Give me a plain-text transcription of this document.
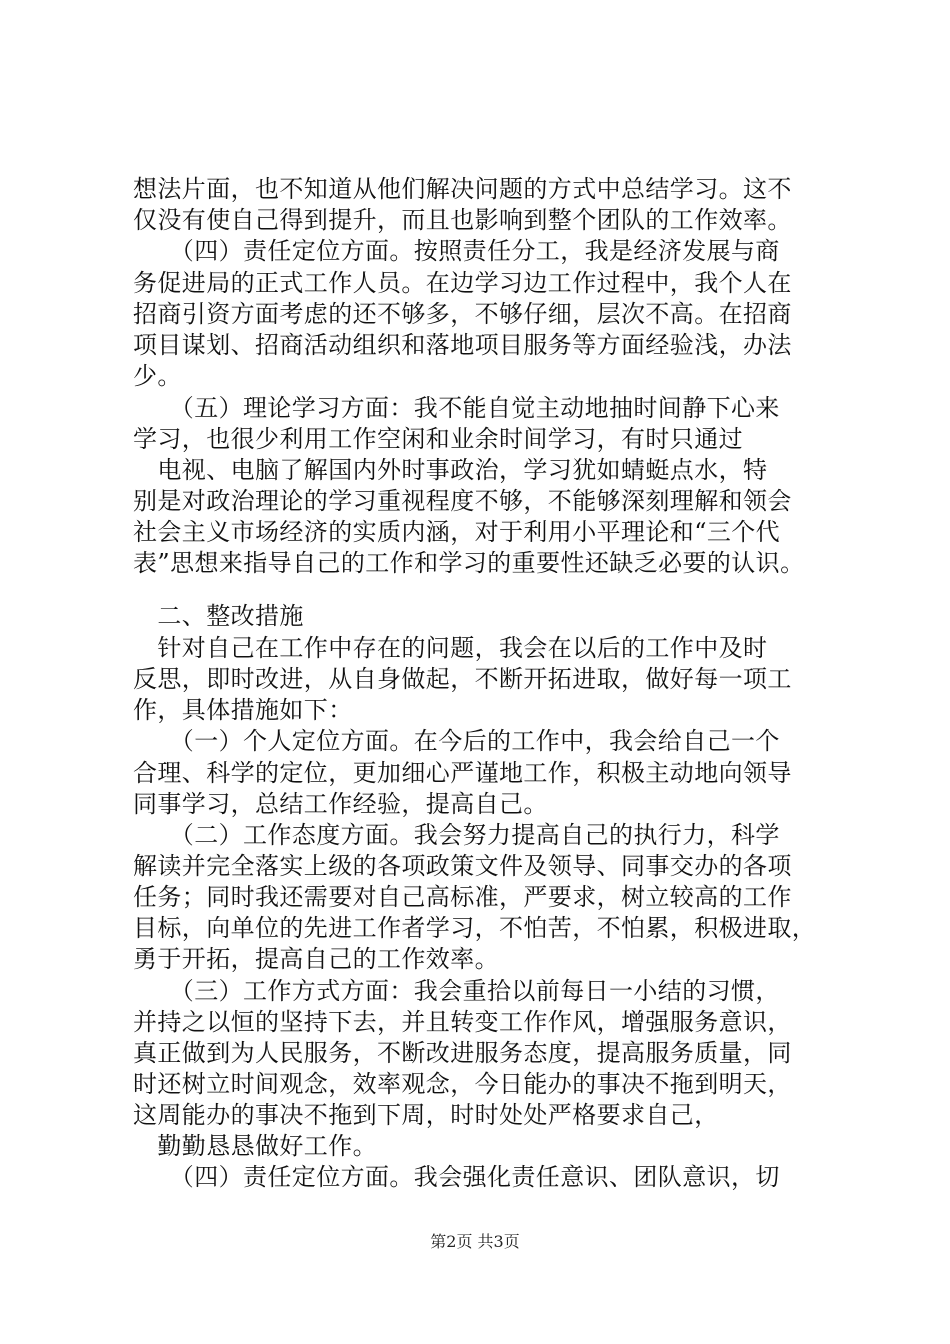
想法片面，也不知道从他们解决问题的方式中总结学习。这不
仅没有使自己得到提升，而且也影响到整个团队的工作效率。
　　（四）责任定位方面。按照责任分工，我是经济发展与商
务促进局的正式工作人员。在边学习边工作过程中，我个人在
招商引资方面考虑的还不够多，不够仔细，层次不高。在招商
项目谋划、招商活动组织和落地项目服务等方面经验浅，办法
少。
　　（五）理论学习方面：我不能自觉主动地抽时间静下心来
学习，也很少利用工作空闲和业余时间学习，有时只通过
　电视、电脑了解国内外时事政治，学习犹如蜻蜓点水，特
别是对政治理论的学习重视程度不够，不能够深刻理解和领会
社会主义市场经济的实质内涵，对于利用小平理论和“三个代
表”思想来指导自己的工作和学习的重要性还缺乏必要的认识。
　二、整改措施
　针对自己在工作中存在的问题，我会在以后的工作中及时
反思，即时改进，从自身做起，不断开拓进取，做好每一项工
作，具体措施如下：
　　（一）个人定位方面。在今后的工作中，我会给自己一个
合理、科学的定位，更加细心严谨地工作，积极主动地向领导
同事学习，总结工作经验，提高自己。
　　（二）工作态度方面。我会努力提高自己的执行力，科学
解读并完全落实上级的各项政策文件及领导、同事交办的各项
任务；同时我还需要对自己高标准，严要求，树立较高的工作
目标，向单位的先进工作者学习，不怕苦，不怕累，积极进取，
勇于开拓，提高自己的工作效率。
　　（三）工作方式方面：我会重拾以前每日一小结的习惯，
并持之以恒的坚持下去，并且转变工作作风，增强服务意识，
真正做到为人民服务，不断改进服务态度，提高服务质量，同
时还树立时间观念，效率观念，今日能办的事决不拖到明天，
这周能办的事决不拖到下周，时时处处严格要求自己，
　勤勤恳恳做好工作。
　　（四）责任定位方面。我会强化责任意识、团队意识，切
第2页 共3页
